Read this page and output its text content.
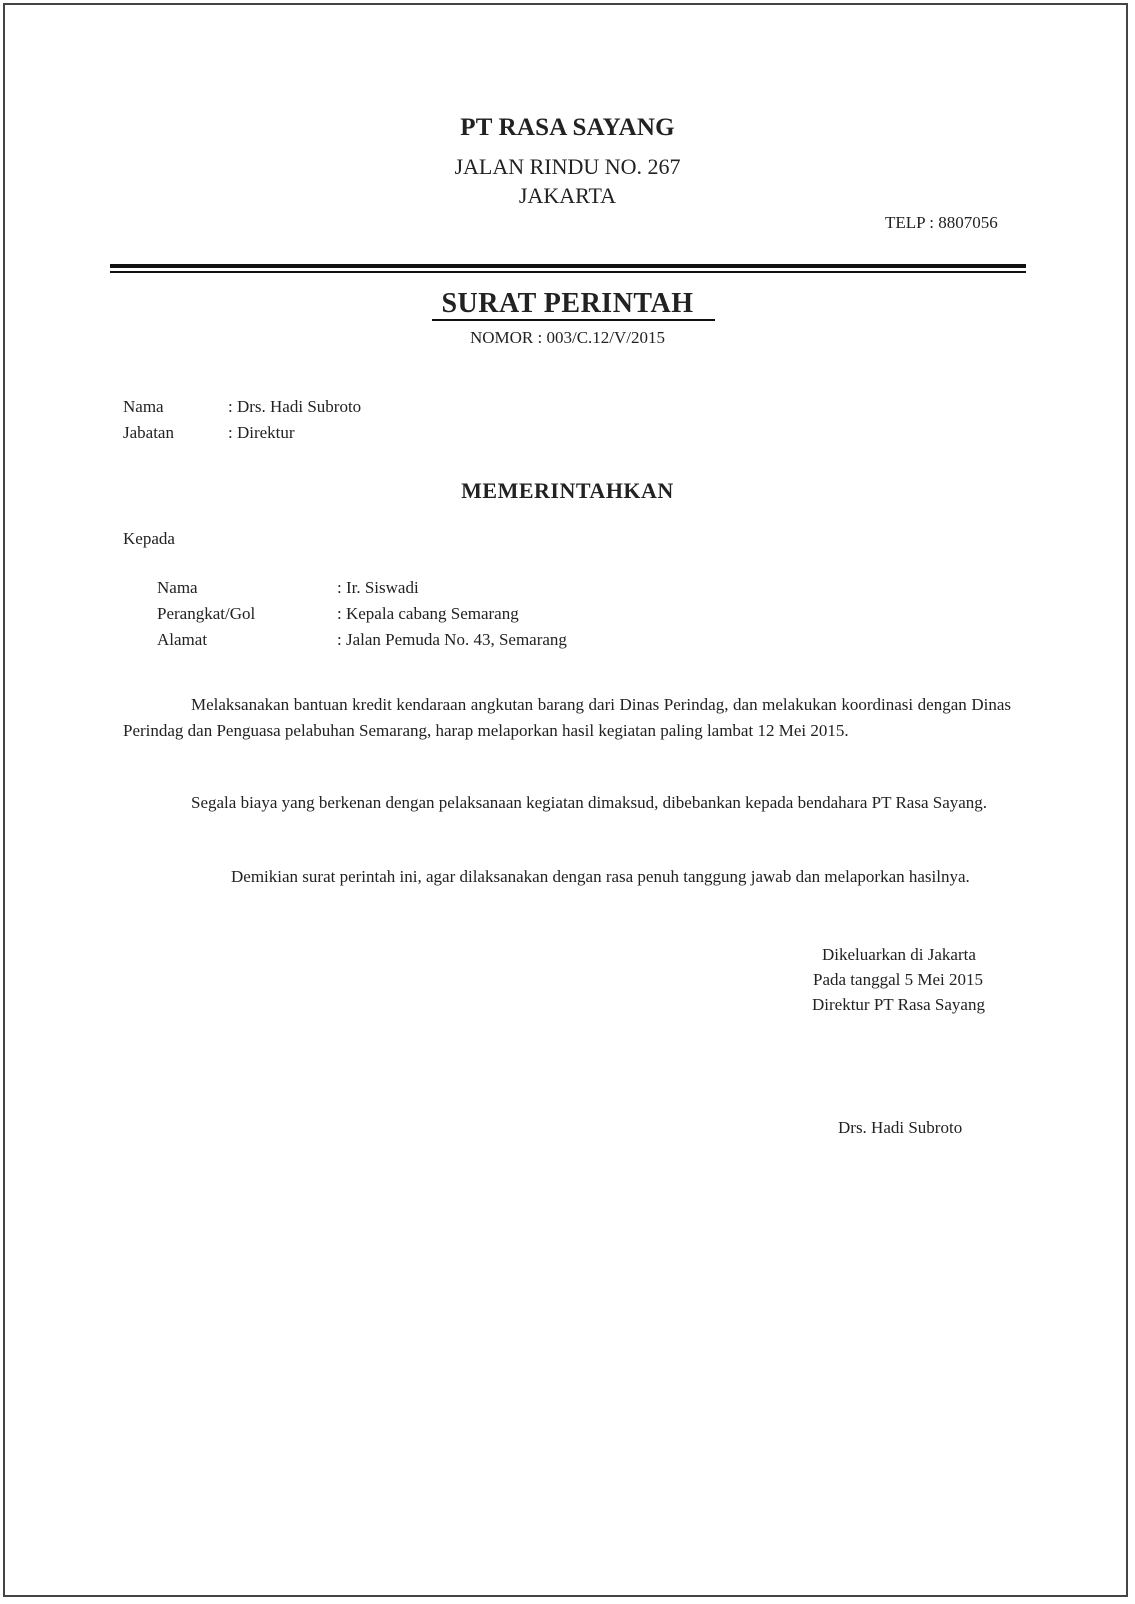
PT RASA SAYANG
JALAN RINDU NO. 267
JAKARTA
TELP : 8807056
SURAT PERINTAH
NOMOR : 003/C.12/V/2015
Nama	: Drs. Hadi Subroto
Jabatan	: Direktur
MEMERINTAHKAN
Kepada
Nama	: Ir. Siswadi
Perangkat/Gol	: Kepala cabang Semarang
Alamat	: Jalan Pemuda No. 43, Semarang
Melaksanakan bantuan kredit kendaraan angkutan barang dari Dinas Perindag, dan melakukan koordinasi dengan Dinas Perindag dan Penguasa pelabuhan Semarang, harap melaporkan hasil kegiatan paling lambat 12 Mei 2015.
Segala biaya yang berkenan dengan pelaksanaan kegiatan dimaksud, dibebankan kepada bendahara PT Rasa Sayang.
Demikian surat perintah ini, agar dilaksanakan dengan rasa penuh tanggung jawab dan melaporkan hasilnya.
Dikeluarkan di Jakarta
Pada tanggal 5 Mei 2015
Direktur PT Rasa Sayang
Drs. Hadi Subroto
